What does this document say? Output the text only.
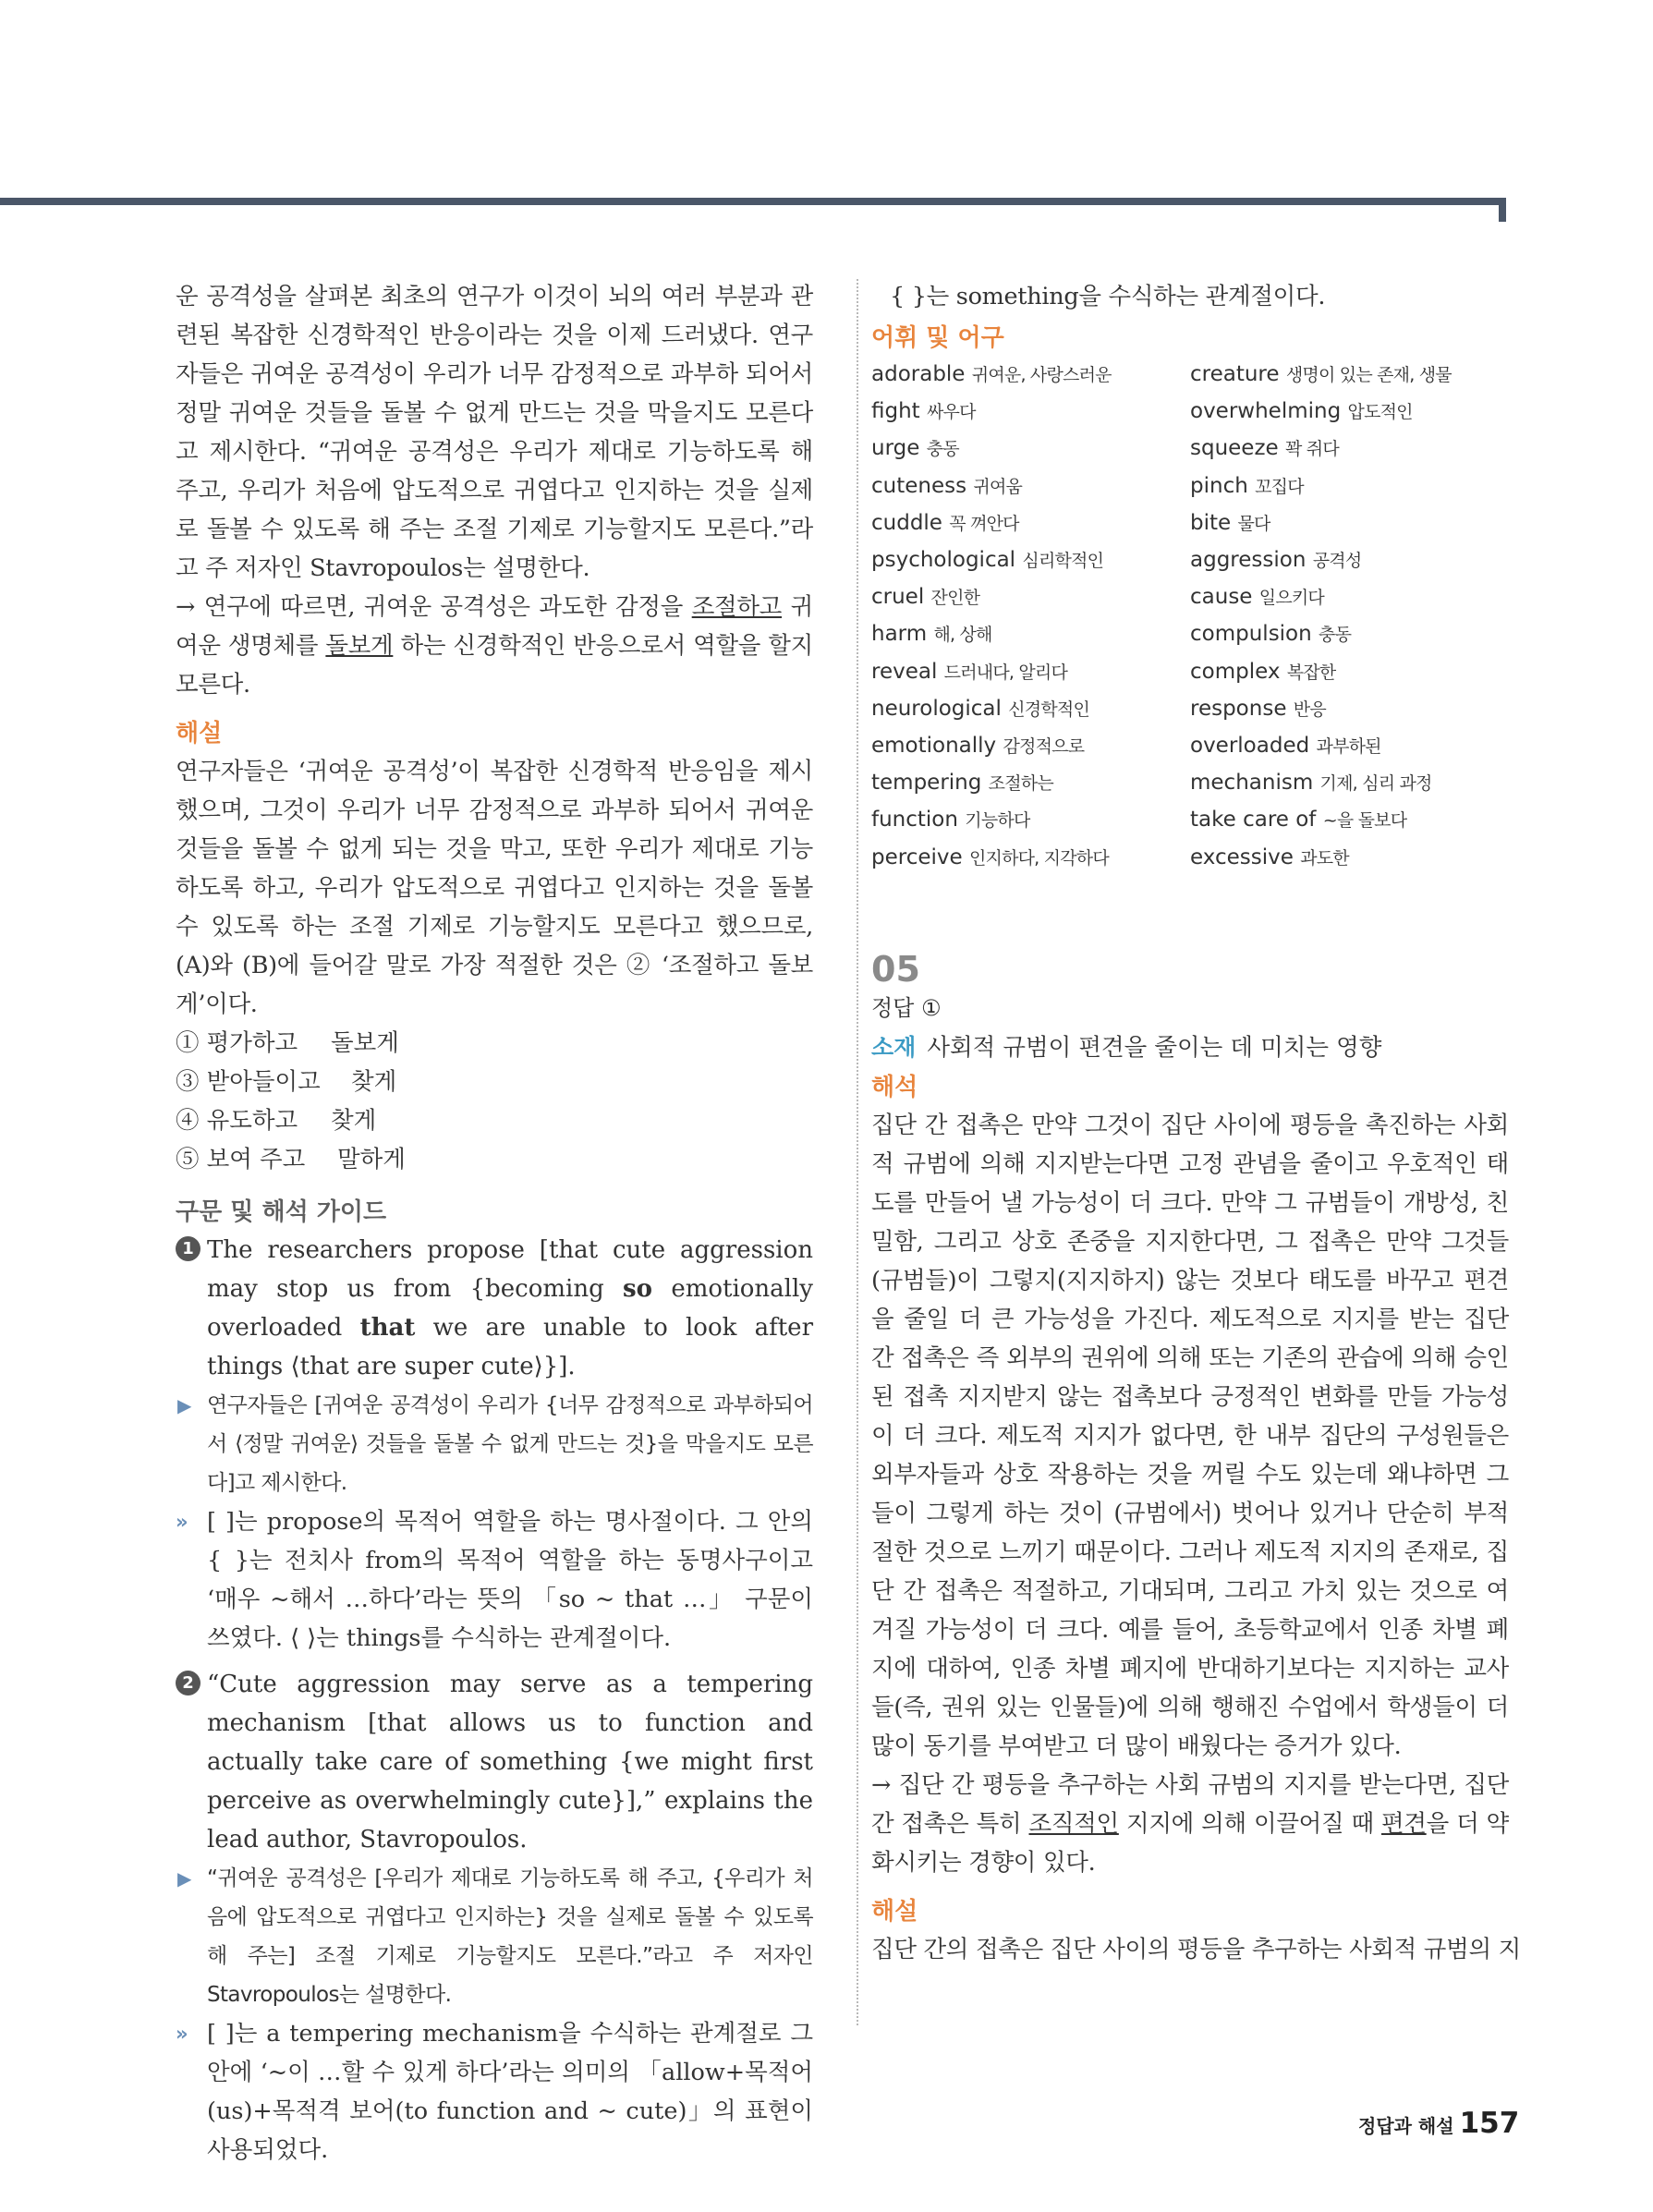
운 공격성을 살펴본 최초의 연구가 이것이 뇌의 여러 부분과 관련된 복잡한 신경학적인 반응이라는 것을 이제 드러냈다. 연구자들은 귀여운 공격성이 우리가 너무 감정적으로 과부하 되어서 정말 귀여운 것들을 돌볼 수 없게 만드는 것을 막을지도 모른다고 제시한다. “귀여운 공격성은 우리가 제대로 기능하도록 해 주고, 우리가 처음에 압도적으로 귀엽다고 인지하는 것을 실제로 돌볼 수 있도록 해 주는 조절 기제로 기능할지도 모른다.”라고 주 저자인 Stavropoulos는 설명한다.

→ 연구에 따르면, 귀여운 공격성은 과도한 감정을 조절하고 귀여운 생명체를 돌보게 하는 신경학적인 반응으로서 역할을 할지 모른다.

해설

연구자들은 ‘귀여운 공격성’이 복잡한 신경학적 반응임을 제시했으며, 그것이 우리가 너무 감정적으로 과부하 되어서 귀여운 것들을 돌볼 수 없게 되는 것을 막고, 또한 우리가 제대로 기능하도록 하고, 우리가 압도적으로 귀엽다고 인지하는 것을 돌볼 수 있도록 하는 조절 기제로 기능할지도 모른다고 했으므로, (A)와 (B)에 들어갈 말로 가장 적절한 것은 ② ‘조절하고 돌보게’이다.

① 평가하고 돌보게
③ 받아들이고 찾게
④ 유도하고 찾게
⑤ 보여 주고 말하게
구문 및 해석 가이드
1 The researchers propose [that cute aggression may stop us from {becoming so emotionally overloaded that we are unable to look after things ⟨that are super cute⟩}].
▶ 연구자들은 [귀여운 공격성이 우리가 {너무 감정적으로 과부하되어서 ⟨정말 귀여운⟩ 것들을 돌볼 수 없게 만드는 것}을 막을지도 모른다]고 제시한다.
» [ ]는 propose의 목적어 역할을 하는 명사절이다. 그 안의 { }는 전치사 from의 목적어 역할을 하는 동명사구이고 ‘매우 ~해서 …하다’라는 뜻의 「so ~ that …」 구문이 쓰였다. ⟨ ⟩는 things를 수식하는 관계절이다.
2 “Cute aggression may serve as a tempering mechanism [that allows us to function and actually take care of something {we might first perceive as overwhelmingly cute}],” explains the lead author, Stavropoulos.
▶ “귀여운 공격성은 [우리가 제대로 기능하도록 해 주고, {우리가 처음에 압도적으로 귀엽다고 인지하는} 것을 실제로 돌볼 수 있도록 해 주는] 조절 기제로 기능할지도 모른다.”라고 주 저자인 Stavropoulos는 설명한다.
» [ ]는 a tempering mechanism을 수식하는 관계절로 그 안에 ‘~이 …할 수 있게 하다’라는 의미의 「allow+목적어(us)+목적격 보어(to function and ~ cute)」의 표현이 사용되었다.

{ }는 something을 수식하는 관계절이다.

어휘 및 어구
adorable 귀여운, 사랑스러운	creature 생명이 있는 존재, 생물
fight 싸우다	overwhelming 압도적인
urge 충동	squeeze 꽉 쥐다
cuteness 귀여움	pinch 꼬집다
cuddle 꼭 껴안다	bite 물다
psychological 심리학적인	aggression 공격성
cruel 잔인한	cause 일으키다
harm 해, 상해	compulsion 충동
reveal 드러내다, 알리다	complex 복잡한
neurological 신경학적인	response 반응
emotionally 감정적으로	overloaded 과부하된
tempering 조절하는	mechanism 기제, 심리 과정
function 기능하다	take care of ~을 돌보다
perceive 인지하다, 지각하다	excessive 과도한
05
정답 ①

소재 사회적 규범이 편견을 줄이는 데 미치는 영향

해석

집단 간 접촉은 만약 그것이 집단 사이에 평등을 촉진하는 사회적 규범에 의해 지지받는다면 고정 관념을 줄이고 우호적인 태도를 만들어 낼 가능성이 더 크다. 만약 그 규범들이 개방성, 친밀함, 그리고 상호 존중을 지지한다면, 그 접촉은 만약 그것들(규범들)이 그렇지(지지하지) 않는 것보다 태도를 바꾸고 편견을 줄일 더 큰 가능성을 가진다. 제도적으로 지지를 받는 집단 간 접촉은 즉 외부의 권위에 의해 또는 기존의 관습에 의해 승인된 접촉 지지받지 않는 접촉보다 긍정적인 변화를 만들 가능성이 더 크다. 제도적 지지가 없다면, 한 내부 집단의 구성원들은 외부자들과 상호 작용하는 것을 꺼릴 수도 있는데 왜냐하면 그들이 그렇게 하는 것이 (규범에서) 벗어나 있거나 단순히 부적절한 것으로 느끼기 때문이다. 그러나 제도적 지지의 존재로, 집단 간 접촉은 적절하고, 기대되며, 그리고 가치 있는 것으로 여겨질 가능성이 더 크다. 예를 들어, 초등학교에서 인종 차별 폐지에 대하여, 인종 차별 폐지에 반대하기보다는 지지하는 교사들(즉, 권위 있는 인물들)에 의해 행해진 수업에서 학생들이 더 많이 동기를 부여받고 더 많이 배웠다는 증거가 있다.

→ 집단 간 평등을 추구하는 사회 규범의 지지를 받는다면, 집단 간 접촉은 특히 조직적인 지지에 의해 이끌어질 때 편견을 더 약화시키는 경향이 있다.

해설

집단 간의 접촉은 집단 사이의 평등을 추구하는 사회적 규범의 지

정답과 해설 157
